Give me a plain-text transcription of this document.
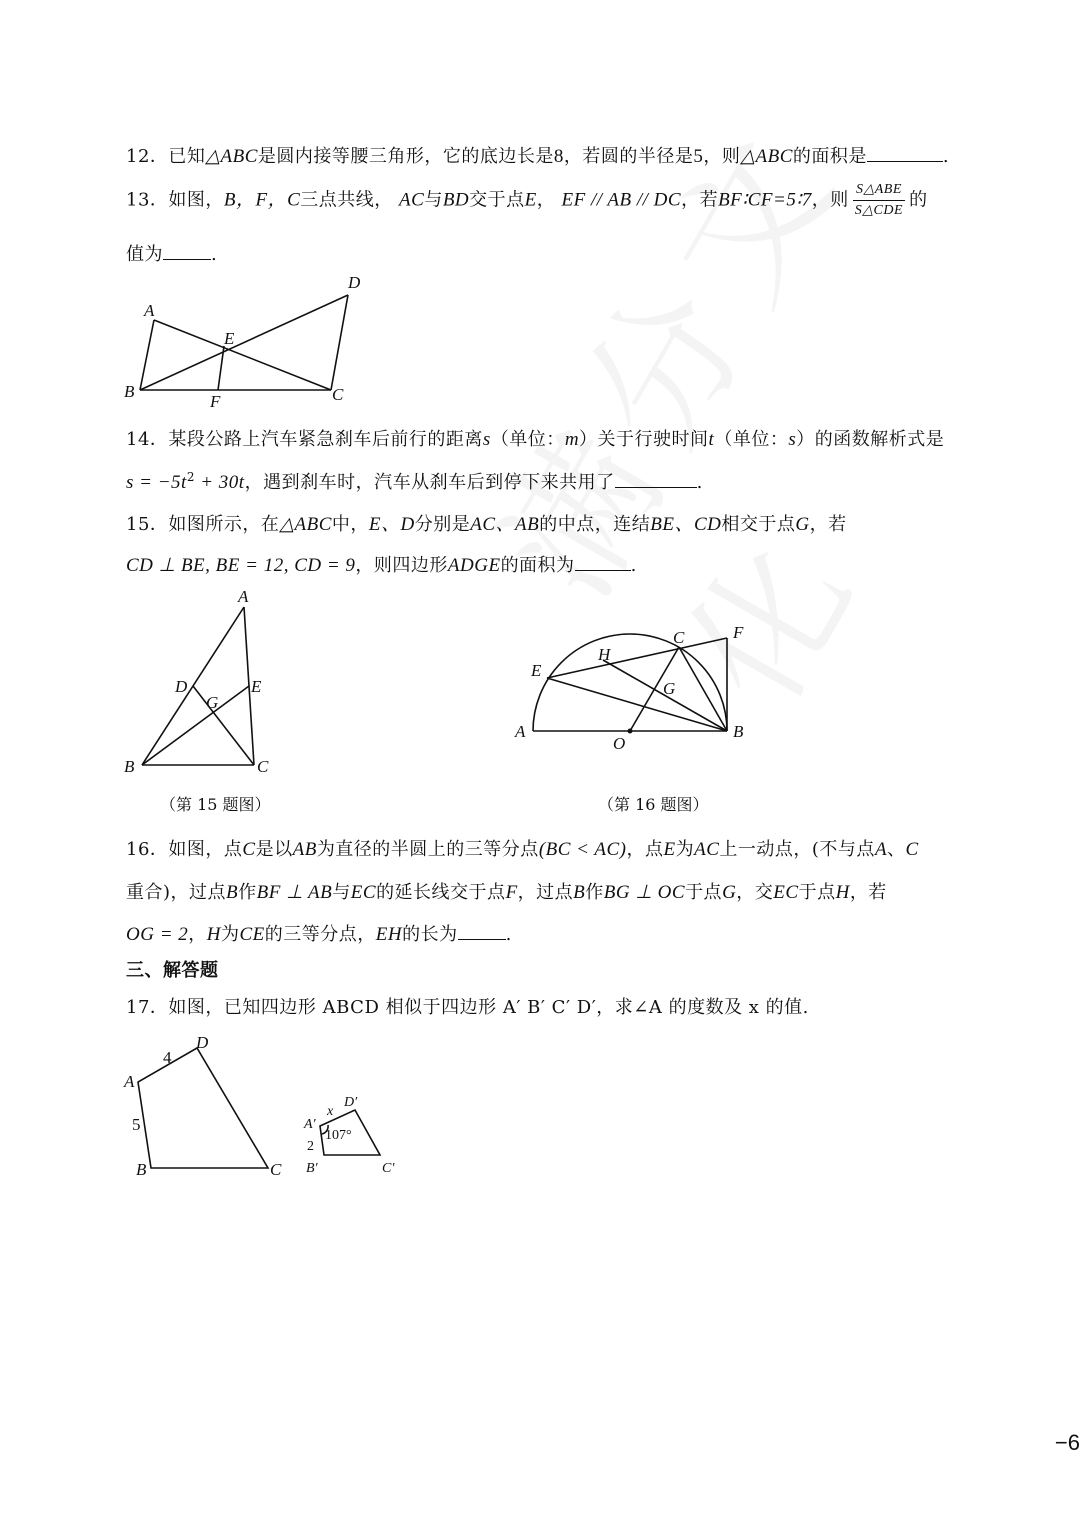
12．已知△ABC是圆内接等腰三角形，它的底边长是8，若圆的半径是5，则△ABC的面积是	.
13．如图，B，F，C三点共线， AC与BD交于点E， EF // AB // DC，若BF∶CF=5∶7，则 $\frac{\text{S△ABE}}{\text{S△CDE}}$ 的
值为	.
A
B	C
D
E
F
14．某段公路上汽车紧急刹车后前行的距离s（单位：m）关于行驶时间t（单位：s）的函数解析式是
$s = -5t^2 + 30t$，遇到刹车时，汽车从刹车后到停下来共用了	.
15．如图所示，在△ABC中，E、D分别是AC、AB的中点，连结BE、CD相交于点G，若
CD ⊥ BE, BE = 12, CD = 9，则四边形ADGE的面积为	.
A
B	C
D	E
G
（第 15 题图）
A	B
C
E
F
H
G
O
（第 16 题图）
16．如图，点C是以AB为直径的半圆上的三等分点(BC < AC)，点E为AC上一动点，(不与点A、C
重合)，过点B作BF ⊥ AB与EC的延长线交于点F，过点B作BG ⊥ OC于点G，交EC于点H，若
OG = 2，H为CE的三等分点，EH的长为	.
三、解答题
17．如图，已知四边形 ABCD 相似于四边形 A′ B′ C′ D′，求∠A 的度数及 x 的值.
A
B	C
D
4
5	A′
B′	C′
D′
x
2
107°
−6
